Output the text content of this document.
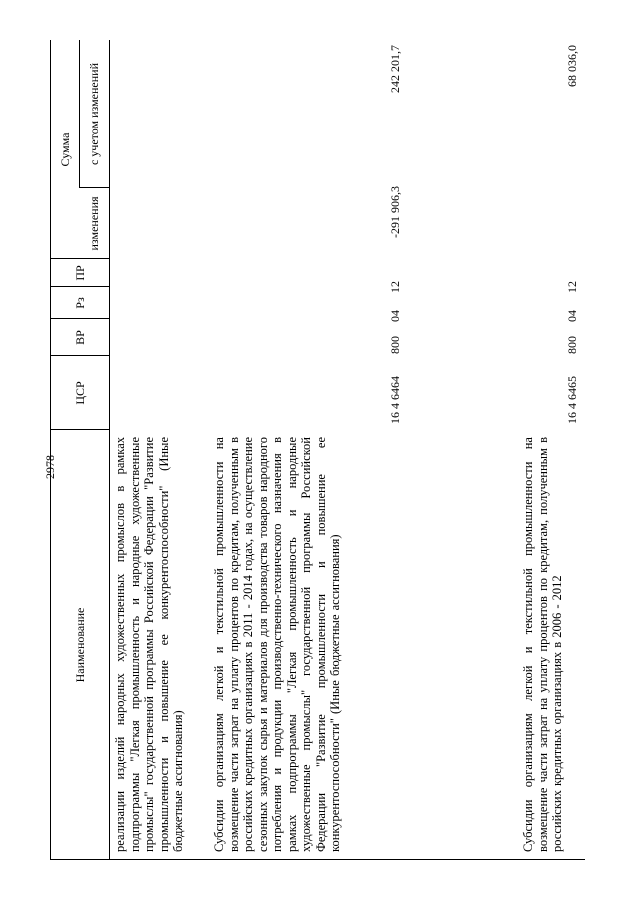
2978
Наименование
ЦСР
ВР
Рз
ПР
Сумма
изменения
с учетом изменений
реализации изделий народных художественных промыслов в рамках подпрограммы "Легкая промышленность и народные художественные промыслы" государственной программы Российской Федерации "Развитие промышленности и повышение ее конкурентоспособности" (Иные бюджетные ассигнования) Субсидии организациям легкой и текстильной промышленности на возмещение части затрат на уплату процентов по кредитам, полученным в российских кредитных организациях в 2011 - 2014 годах, на осуществление сезонных закупок сырья и материалов для производства товаров народного потребления и продукции производственно-технического назначения в рамках подпрограммы "Легкая промышленность и народные художественные промыслы" государственной программы Российской Федерации "Развитие промышленности и повышение ее конкурентоспособности" (Иные бюджетные ассигнования)
16 4 6464
800
04
12
-291 906,3
242 201,7
Субсидии организациям легкой и текстильной промышленности на возмещение части затрат на уплату процентов по кредитам, полученным в российских кредитных организациях в 2006 - 2012
16 4 6465
800
04
12
68 036,0
